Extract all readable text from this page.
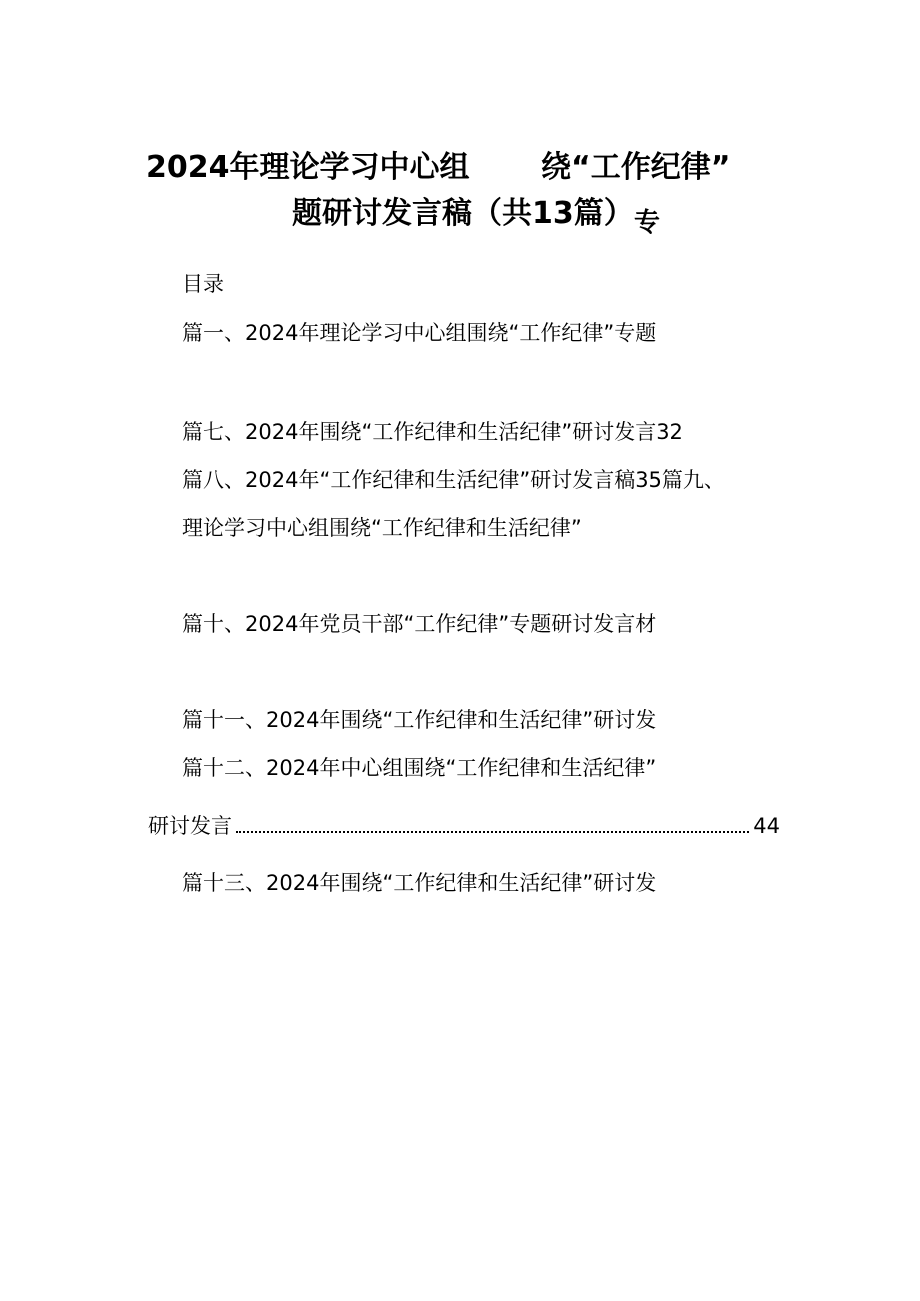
2024年理论学习中心组 绕“工作纪律”
题研讨发言稿（共13篇） 专
目录
篇一、2024年理论学习中心组围绕“工作纪律”专题
篇七、2024年围绕“工作纪律和生活纪律”研讨发言32
篇八、2024年“工作纪律和生活纪律”研讨发言稿35篇九、
理论学习中心组围绕“工作纪律和生活纪律”
篇十、2024年党员干部“工作纪律”专题研讨发言材
篇十一、2024年围绕“工作纪律和生活纪律”研讨发
篇十二、2024年中心组围绕“工作纪律和生活纪律”
研讨发言	44
篇十三、2024年围绕“工作纪律和生活纪律”研讨发
